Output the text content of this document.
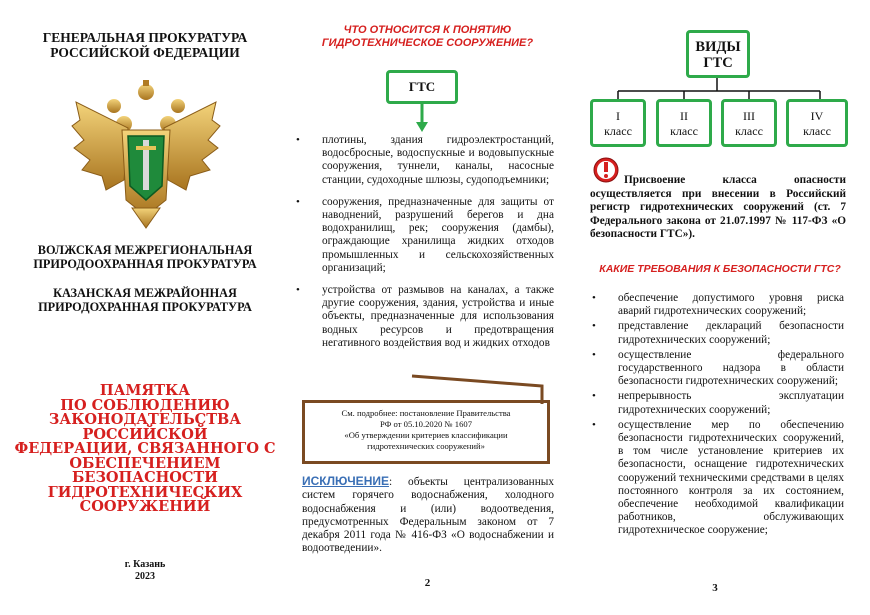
ГЕНЕРАЛЬНАЯ ПРОКУРАТУРА
РОССИЙСКОЙ ФЕДЕРАЦИИ
ВОЛЖСКАЯ МЕЖРЕГИОНАЛЬНАЯ
ПРИРОДООХРАННАЯ ПРОКУРАТУРА
КАЗАНСКАЯ МЕЖРАЙОННАЯ
ПРИРОДОХРАННАЯ ПРОКУРАТУРА
ПАМЯТКА
ПО СОБЛЮДЕНИЮ
ЗАКОНОДАТЕЛЬСТВА РОССИЙСКОЙ
ФЕДЕРАЦИИ, СВЯЗАННОГО С
ОБЕСПЕЧЕНИЕМ БЕЗОПАСНОСТИ
ГИДРОТЕХНИЧЕСКИХ СООРУЖЕНИЙ
г. Казань
2023
ЧТО ОТНОСИТСЯ К ПОНЯТИЮ
ГИДРОТЕХНИЧЕСКОЕ СООРУЖЕНИЕ?
ГТС
• плотины, здания гидроэлектростанций, водосбросные, водоспускные и водовыпускные сооружения, туннели, каналы, насосные станции, судоходные шлюзы, судоподъемники;
• сооружения, предназначенные для защиты от наводнений, разрушений берегов и дна водохранилищ, рек; сооружения (дамбы), ограждающие хранилища жидких отходов промышленных и сельскохозяйственных организаций;
• устройства от размывов на каналах, а также другие сооружения, здания, устройства и иные объекты, предназначенные для использования водных ресурсов и предотвращения негативного воздействия вод и жидких отходов
См. подробнее: постановление Правительства
РФ от 05.10.2020 № 1607
«Об утверждении критериев классификации
гидротехнических сооружений»
ИСКЛЮЧЕНИЕ: объекты централизованных систем горячего водоснабжения, холодного водоснабжения и (или) водоотведения, предусмотренных Федеральным законом от 7 декабря 2011 года № 416-ФЗ «О водоснабжении и водоотведении».
2
ВИДЫ
ГТС
I
класс
II
класс
III
класс
IV
класс
Присвоение класса опасности осуществляется при внесении в Российский регистр гидротехнических сооружений (ст. 7 Федерального закона от 21.07.1997 № 117-ФЗ «О безопасности ГТС»).
КАКИЕ ТРЕБОВАНИЯ К БЕЗОПАСНОСТИ ГТС?
• обеспечение допустимого уровня риска аварий гидротехнических сооружений;
• представление деклараций безопасности гидротехнических сооружений;
• осуществление федерального государственного надзора в области безопасности гидротехнических сооружений;
• непрерывность эксплуатации гидротехнических сооружений;
• осуществление мер по обеспечению безопасности гидротехнических сооружений, в том числе установление критериев их безопасности, оснащение гидротехнических сооружений техническими средствами в целях постоянного контроля за их состоянием, обеспечение необходимой квалификации работников, обслуживающих гидротехническое сооружение;
3
